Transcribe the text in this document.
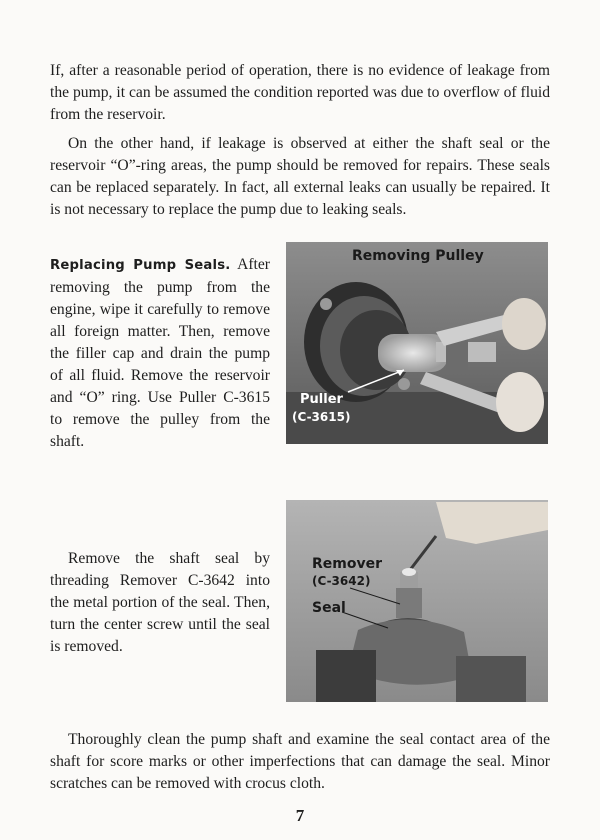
If, after a reasonable period of operation, there is no evidence of leakage from the pump, it can be assumed the condition reported was due to overflow of fluid from the reservoir.

On the other hand, if leakage is observed at either the shaft seal or the reservoir “O”-ring areas, the pump should be removed for repairs. These seals can be replaced separately. In fact, all external leaks can usually be repaired. It is not necessary to replace the pump due to leaking seals.

Replacing Pump Seals. After removing the pump from the engine, wipe it carefully to remove all foreign matter. Then, remove the filler cap and drain the pump of all fluid. Remove the reservoir and “O” ring. Use Puller C-3615 to remove the pulley from the shaft.

Remove the shaft seal by threading Remover C-3642 into the metal portion of the seal. Then, turn the center screw until the seal is removed.

Thoroughly clean the pump shaft and examine the seal contact area of the shaft for score marks or other imperfections that can damage the seal. Minor scratches can be removed with crocus cloth.

Removing Pulley
Puller
(C-3615)
Remover
(C-3642)
Seal
7
